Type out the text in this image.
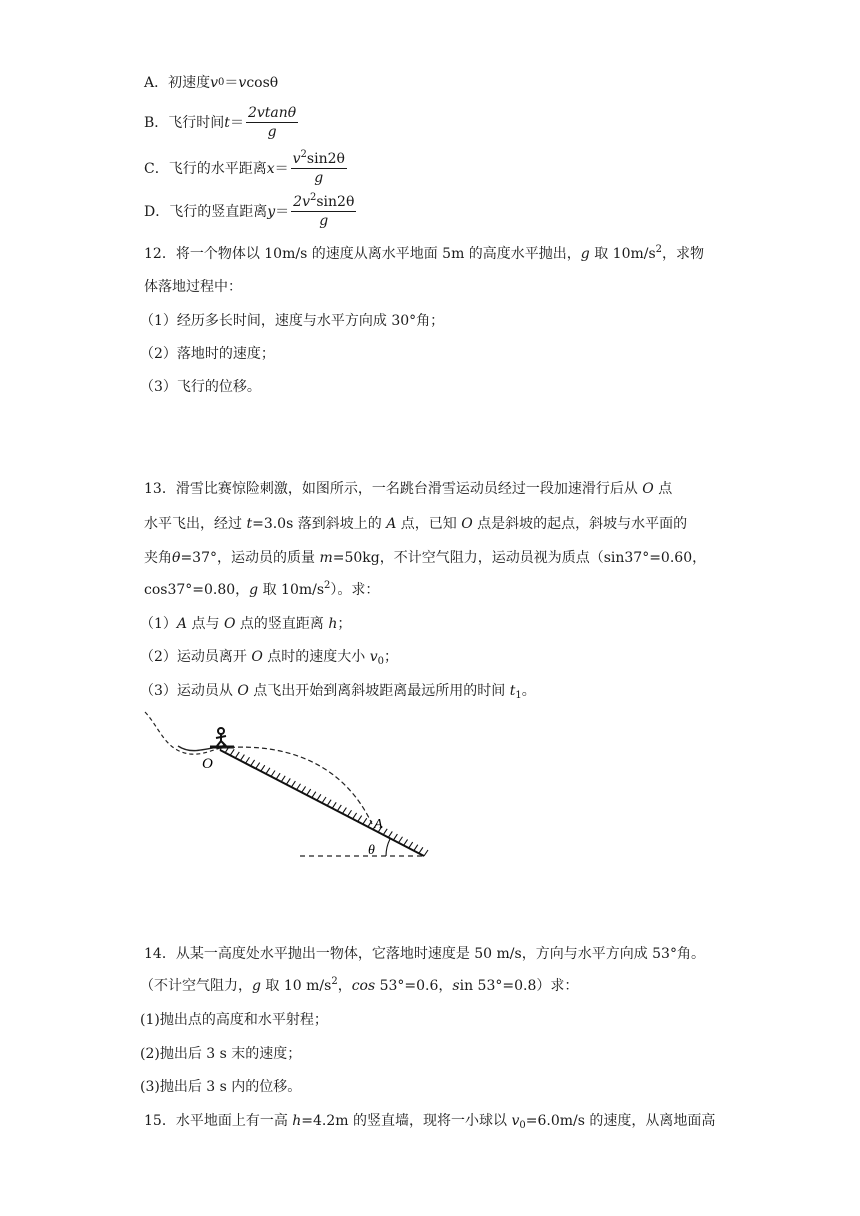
A．初速度 v 0 ＝ v cosθ
B．飞行时间 $t = \frac{2vtan\theta}{g}$
C．飞行的水平距离 $x = \frac{v^2\sin 2\theta}{g}$
D．飞行的竖直距离 $y = \frac{2v^2\sin 2\theta}{g}$
12．将一个物体以 10m/s 的速度从离水平地面 5m 的高度水平抛出，g 取 $10m/s^2$，求物
体落地过程中：
（1）经历多长时间，速度与水平方向成 30°角；
（2）落地时的速度；
（3）飞行的位移。
13．滑雪比赛惊险刺激，如图所示，一名跳台滑雪运动员经过一段加速滑行后从 O 点
水平飞出，经过 t=3.0s 落到斜坡上的 A 点，已知 O 点是斜坡的起点，斜坡与水平面的
夹角θ=37°，运动员的质量 m=50kg，不计空气阻力，运动员视为质点（sin37°=0.60，
cos37°=0.80，g 取 $10m/s^2$）。求：
（1）A 点与 O 点的竖直距离 h；
（2）运动员离开 O 点时的速度大小 $v_0$；
（3）运动员从 O 点飞出开始到离斜坡距离最远所用的时间 $t_1$。
O
A
θ
14．从某一高度处水平抛出一物体，它落地时速度是 50 m/s，方向与水平方向成 53°角。
（不计空气阻力，g 取 10 $m/s^2$，cos 53°=0.6，sin 53°=0.8）求：
(1)抛出点的高度和水平射程；
(2)抛出后 3 s 末的速度；
(3)抛出后 3 s 内的位移。
15．水平地面上有一高 h=4.2m 的竖直墙，现将一小球以 $v_0=6.0m/s$ 的速度，从离地面高
